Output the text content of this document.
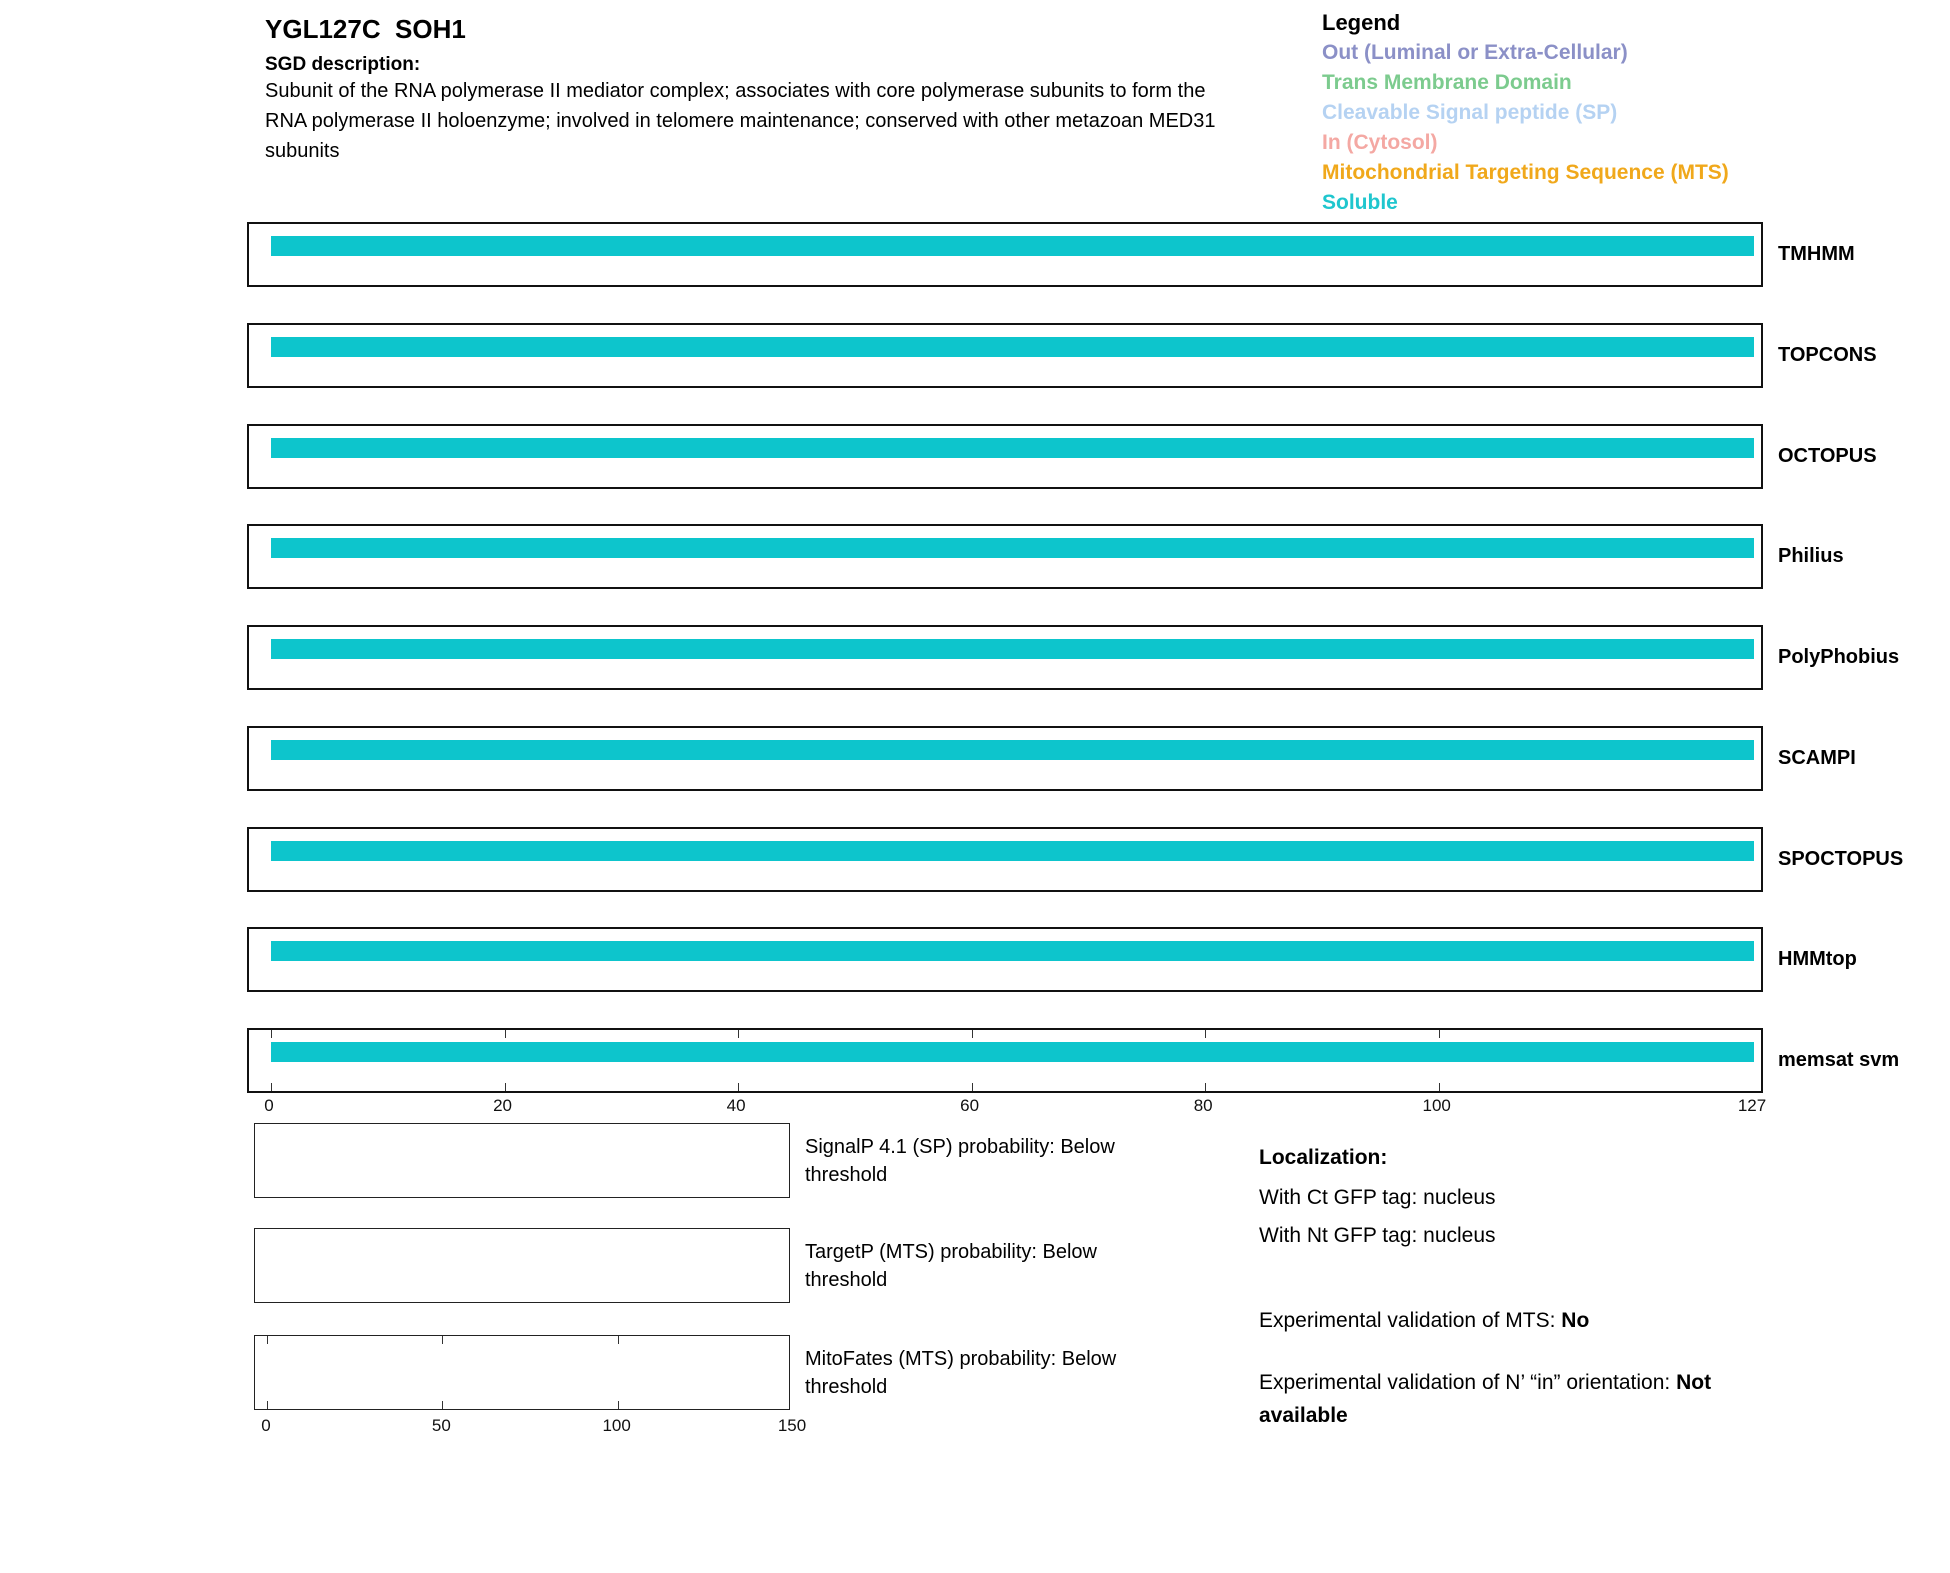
YGL127C  SOH1
SGD description:
Subunit of the RNA polymerase II mediator complex; associates with core polymerase subunits to form the RNA polymerase II holoenzyme; involved in telomere maintenance; conserved with other metazoan MED31 subunits
Legend
Out (Luminal or Extra-Cellular)
Trans Membrane Domain
Cleavable Signal peptide (SP)
In (Cytosol)
Mitochondrial Targeting Sequence (MTS)
Soluble
TMHMM
TOPCONS
OCTOPUS
Philius
PolyPhobius
SCAMPI
SPOCTOPUS
HMMtop
memsat svm
0	20	40	60	80	100	127
SignalP 4.1 (SP) probability: Below threshold
TargetP (MTS) probability: Below threshold
MitoFates (MTS) probability: Below threshold
0	50	100	150
Localization:
With Ct GFP tag: nucleus
With Nt GFP tag: nucleus
Experimental validation of MTS: No
Experimental validation of N’ “in” orientation: Not available
